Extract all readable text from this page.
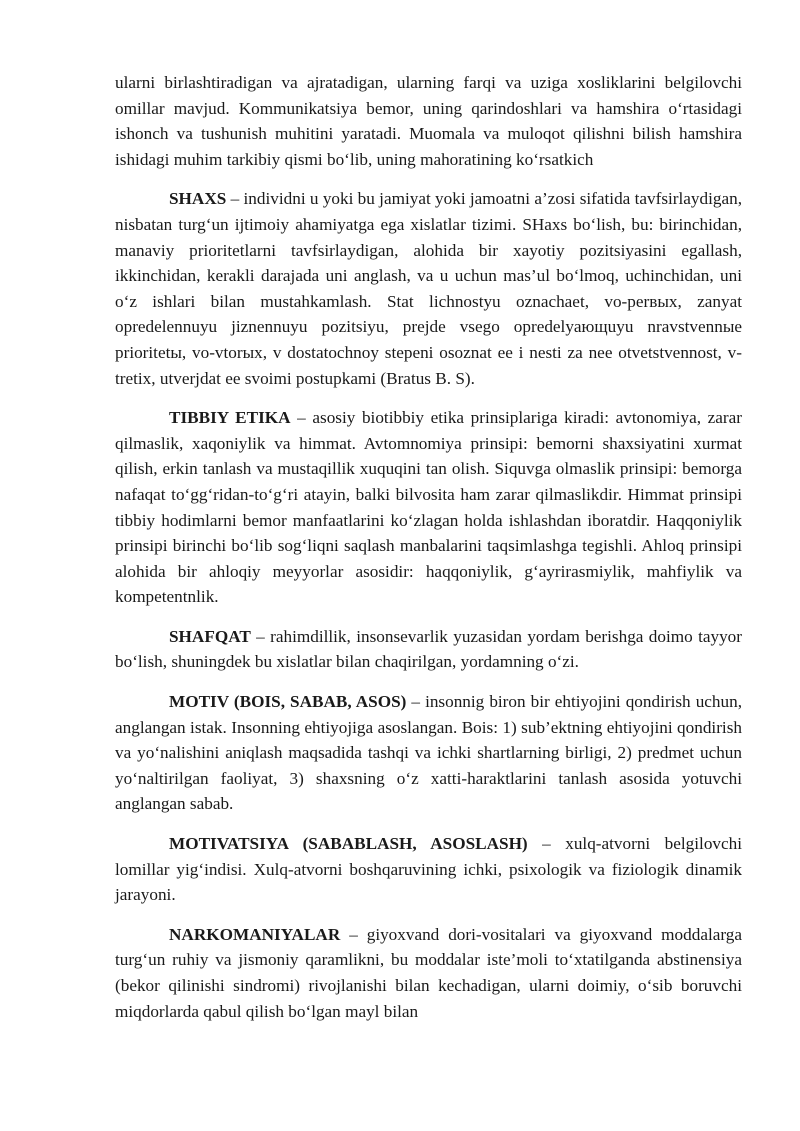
ularni birlashtiradigan va ajratadigan, ularning farqi va uziga xosliklarini belgilovchi omillar mavjud. Kommunikatsiya bemor, uning qarindoshlari va hamshira o‘rtasidagi ishonch va tushunish muhitini yaratadi. Muomala va muloqot qilishni bilish hamshira ishidagi muhim tarkibiy qismi bo‘lib, uning mahoratining ko‘rsatkich

SHAXS – individni u yoki bu jamiyat yoki jamoatni a’zosi sifatida tavfsirlaydigan, nisbatan turg‘un ijtimoiy ahamiyatga ega xislatlar tizimi. SHaxs bo‘lish, bu: birinchidan, manaviy prioritetlarni tavfsirlaydigan, alohida bir xayotiy pozitsiyasini egallash, ikkinchidan, kerakli darajada uni anglash, va u uchun mas’ul bo‘lmoq, uchinchidan, uni o‘z ishlari bilan mustahkamlash. Stat lichnostyu oznachaet, vo-perвых, zanyat opredelennuyu jiznennuyu pozitsiyu, prejde vsego opredelyaющuyu nravstvennыe prioritetы, vo-vtorых, v dostatochnoy stepeni osoznat ee i nesti za nee otvetstvennost, v-tretix, utverjdat ee svoimi postupkami (Bratus B. S).

TIBBIY ETIKA – asosiy biotibbiy etika prinsiplariga kiradi: avtonomiya, zarar qilmaslik, xaqoniylik va himmat. Avtomnomiya prinsipi: bemorni shaxsiyatini xurmat qilish, erkin tanlash va mustaqillik xuquqini tan olish. Siquvga olmaslik prinsipi: bemorga nafaqat to‘gg‘ridan-to‘g‘ri atayin, balki bilvosita ham zarar qilmaslikdir. Himmat prinsipi tibbiy hodimlarni bemor manfaatlarini ko‘zlagan holda ishlashdan iboratdir. Haqqoniylik prinsipi birinchi bo‘lib sog‘liqni saqlash manbalarini taqsimlashga tegishli. Ahloq prinsipi alohida bir ahloqiy meyyorlar asosidir: haqqoniylik, g‘ayrirasmiylik, mahfiylik va kompetentnlik.

SHAFQAT – rahimdillik, insonsevarlik yuzasidan yordam berishga doimo tayyor bo‘lish, shuningdek bu xislatlar bilan chaqirilgan, yordamning o‘zi.

MOTIV (BOIS, SABAB, ASOS) – insonnig biron bir ehtiyojini qondirish uchun, anglangan istak. Insonning ehtiyojiga asoslangan. Bois: 1) sub’ektning ehtiyojini qondirish va yo‘nalishini aniqlash maqsadida tashqi va ichki shartlarning birligi, 2) predmet uchun yo‘naltirilgan faoliyat, 3) shaxsning o‘z xatti-haraktlarini tanlash asosida yotuvchi anglangan sabab.

MOTIVATSIYA (SABABLASH, ASOSLASH) – xulq-atvorni belgilovchi lomillar yig‘indisi. Xulq-atvorni boshqaruvining ichki, psixologik va fiziologik dinamik jarayoni.

NARKOMANIYALAR – giyoxvand dori-vositalari va giyoxvand moddalarga turg‘un ruhiy va jismoniy qaramlikni, bu moddalar iste’moli to‘xtatilganda abstinensiya (bekor qilinishi sindromi) rivojlanishi bilan kechadigan, ularni doimiy, o‘sib boruvchi miqdorlarda qabul qilish bo‘lgan mayl bilan
